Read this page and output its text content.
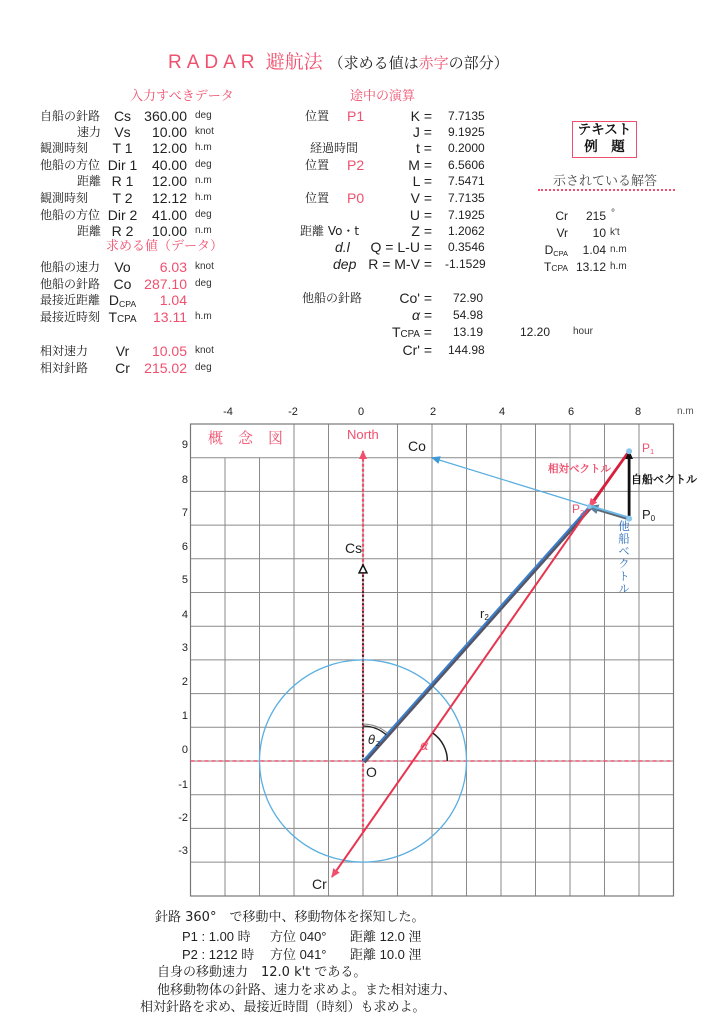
RADAR 避航法 （求める値は赤字の部分）
入力すべきデータ
自船の針路 Cs 360.00 deg
速力 Vs	10.00 knot
観測時刻	T 1	12.00 h.m
他船の方位 Dir 1	40.00 deg
距離 R 1	12.00 n.m
観測時刻	T 2	12.12 h.m
他船の方位 Dir 2	41.00 deg
距離 R 2	10.00 n.m
求める値（データ）
他船の速力	Vo	6.03 knot
他船の針路 Co 287.10 deg
最接近距離 $D_{CPA}$	1.04
最接近時刻 TCPA	13.11 h.m
相対速力	Vr	10.05 knot
相対針路	Cr	215.02 deg
途中の演算
位置 P1	K = 7.7135
J = 9.1925
経過時間	t = 0.2000
位置 P2	M = 6.5606
L = 7.5471
位置 P0	V = 7.7135
U = 7.1925
距離 Vo・t	Z = 1.2062
d.l	Q = L-U = 0.3546
dep R = M-V = -1.1529
他船の針路	Co' = 72.90
α = 54.98
TCPA = 13.19	12.20 hour
Cr' = 144.98
テキスト
例　題
示されている解答
Cr	215 °
Vr	10 k't
$D_{CPA}$	1.04 n.m
TCPA 13.12 h.m
-4	-2	0	2	4	6	8	n.m
9
8
7
6
5
4
3
2
1
0
-1
-2
-3
概　念　図	North
Co	$P_1$
相対ベクトル
自船ベクトル
$P_2$	$P_0$
他船ベクトル
Cs
$r_2$
$\theta_2$	α
O
Cr
針路 360°　で移動中、移動物体を探知した。
P1 : 1.00 時 方位 040° 距離 12.0 浬
P2 : 1212 時 方位 041° 距離 10.0 浬
自身の移動速力　12.0 k't である。
他移動物体の針路、速力を求めよ。また相対速力、
相対針路を求め、最接近時間（時刻）も求めよ。
